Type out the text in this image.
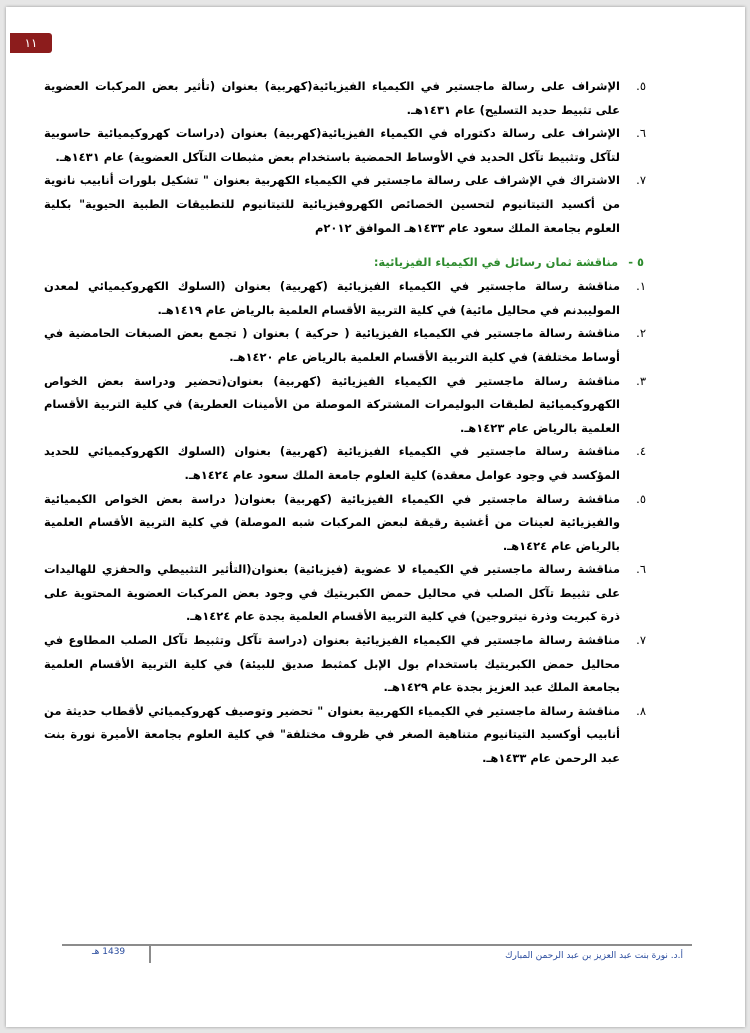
١١
٥.
الإشراف على رسالة ماجستير في الكيمياء الفيزيائية(كهربية) بعنوان (تأثير بعض المركبات العضوية على تثبيط حديد التسليح) عام ١٤٣١هـ.
٦.
الإشراف على رسالة دكتوراه في الكيمياء الفيزيائية(كهربية) بعنوان (دراسات كهروكيميائية حاسوبية لتآكل وتثبيط تآكل الحديد في الأوساط الحمضية باستخدام بعض مثبطات التآكل العضوية) عام ١٤٣١هـ.
٧.
الاشتراك في الإشراف على رسالة ماجستير في الكيمياء الكهربية بعنوان " تشكيل بلورات أنابيب نانوية من أكسيد التيتانيوم لتحسين الخصائص الكهروفيزيائية للتيتانيوم للتطبيقات الطبية الحيوية" بكلية العلوم بجامعة الملك سعود عام ١٤٣٣هـ الموافق ٢٠١٢م
٥ -مناقشة ثمان رسائل في الكيمياء الفيزيائية:
١.
مناقشة رسالة ماجستير في الكيمياء الفيزيائية (كهربية) بعنوان (السلوك الكهروكيميائي لمعدن الموليبدنم في محاليل مائية) في كلية التربية الأقسام العلمية بالرياض عام ١٤١٩هـ.
٢.
مناقشة رسالة ماجستير في الكيمياء الفيزيائية ( حركية ) بعنوان ( تجمع بعض الصبغات الحامضية في أوساط مختلفة) في كلية التربية الأقسام العلمية بالرياض عام ١٤٢٠هـ.
٣.
مناقشة رسالة ماجستير في الكيمياء الفيزيائية (كهربية) بعنوان(تحضير ودراسة بعض الخواص الكهروكيميائية لطبقات البوليمرات المشتركة الموصلة من الأمينات العطرية) في كلية التربية الأقسام العلمية بالرياض عام ١٤٢٣هـ.
٤.
مناقشة رسالة ماجستير في الكيمياء الفيزيائية (كهربية) بعنوان (السلوك الكهروكيميائي للحديد المؤكسد في وجود عوامل معقدة) كلية العلوم جامعة الملك سعود عام ١٤٢٤هـ.
٥.
مناقشة رسالة ماجستير في الكيمياء الفيزيائية (كهربية) بعنوان( دراسة بعض الخواص الكيميائية والفيزيائية لعينات من أغشية رقيقة لبعض المركبات شبه الموصلة) في كلية التربية الأقسام العلمية بالرياض عام ١٤٢٤هـ.
٦.
مناقشة رسالة ماجستير في الكيمياء لا عضوية (فيزيائية) بعنوان(التأثير التثبيطي والحفزي للهاليدات على تثبيط تآكل الصلب في محاليل حمض الكبريتيك في وجود بعض المركبات العضوية المحتوية على ذرة كبريت وذرة نيتروجين) في كلية التربية الأقسام العلمية بجدة عام ١٤٢٤هـ.
٧.
مناقشة رسالة ماجستير في الكيمياء الفيزيائية بعنوان (دراسة تآكل وتثبيط تآكل الصلب المطاوع في محاليل حمض الكبريتيك باستخدام بول الإبل كمثبط صديق للبيئة) في كلية التربية الأقسام العلمية بجامعة الملك عبد العزيز بجدة عام ١٤٢٩هـ.
٨.
مناقشة رسالة ماجستير في الكيمياء الكهربية بعنوان " تحضير وتوصيف كهروكيميائي لأقطاب حديثة من أنابيب أوكسيد التيتانيوم متناهية الصغر في ظروف مختلفة" في كلية العلوم بجامعة الأميرة نورة بنت عبد الرحمن عام ١٤٣٣هـ.
1439 هـ	أ.د. نورة بنت عبد العزيز بن عبد الرحمن المبارك
